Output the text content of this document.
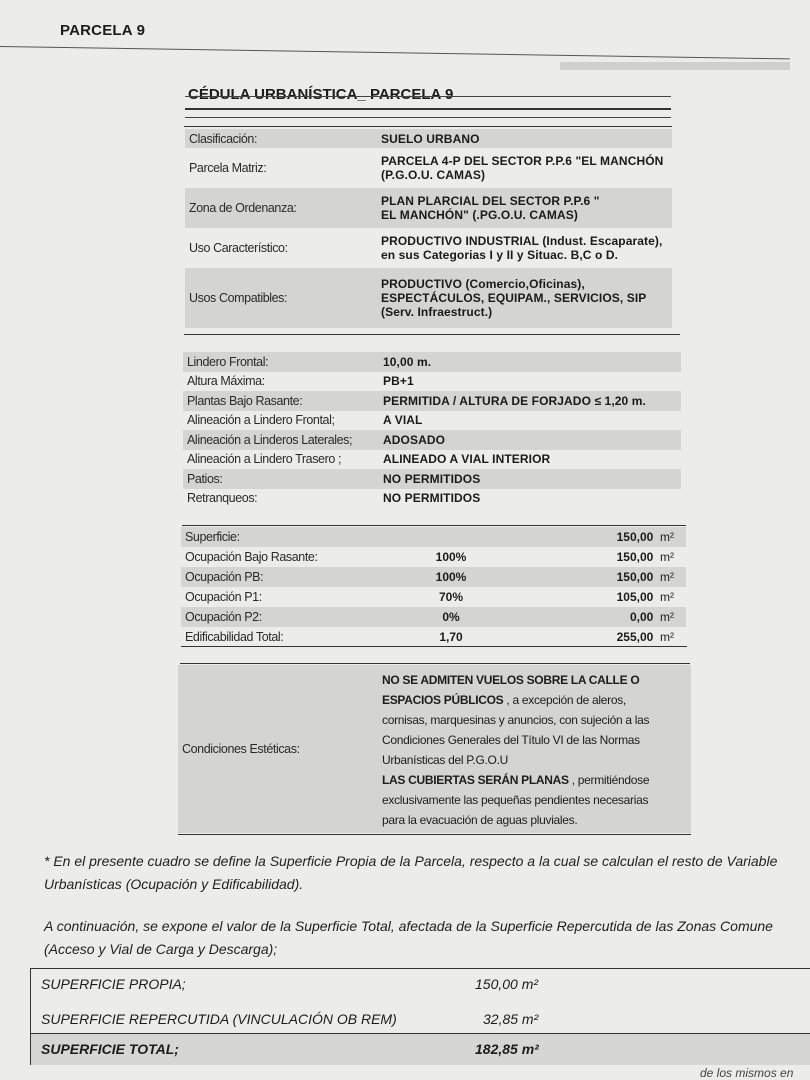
PARCELA 9
CÉDULA URBANÍSTICA_ PARCELA 9
Clasificación:	SUELO URBANO
Parcela Matriz:	PARCELA 4-P DEL SECTOR P.P.6 "EL MANCHÓN
(P.G.O.U. CAMAS)

Zona de Ordenanza:	PLAN PLARCIAL DEL SECTOR P.P.6 "
EL MANCHÓN" (.PG.O.U. CAMAS)

Uso Característico:	PRODUCTIVO INDUSTRIAL (Indust. Escaparate),
en sus Categorias I y II y Situac. B,C o D.

Usos Compatibles:	PRODUCTIVO (Comercio,Oficinas),
ESPECTÁCULOS, EQUIPAM., SERVICIOS, SIP
(Serv. Infraestruct.)
Lindero Frontal:	10,00 m.
Altura Máxima:	PB+1
Plantas Bajo Rasante:	PERMITIDA / ALTURA DE FORJADO ≤ 1,20 m.
Alineación a Lindero Frontal;	A VIAL
Alineación a Linderos Laterales;	ADOSADO
Alineación a Lindero Trasero ;	ALINEADO A VIAL INTERIOR
Patios:	NO PERMITIDOS
Retranqueos:	NO PERMITIDOS
Superficie:		150,00 m²
Ocupación Bajo Rasante:	100%	150,00 m²
Ocupación PB:	100%	150,00 m²
Ocupación P1:	70%	105,00 m²
Ocupación P2:	0%	0,00 m²
Edificabilidad Total:	1,70	255,00 m²
Condiciones Estéticas:	
NO SE ADMITEN VUELOS SOBRE LA CALLE O
ESPACIOS PÚBLICOS , a excepción de aleros,
cornisas, marquesinas y anuncios, con sujeción a las
Condiciones Generales del Título VI de las Normas
Urbanísticas del P.G.O.U
LAS CUBIERTAS SERÁN PLANAS , permitiéndose
exclusivamente las pequeñas pendientes necesarias
para la evacuación de aguas pluviales.
* En el presente cuadro se define la Superficie Propia de la Parcela, respecto a la cual se calculan el resto de Variable
Urbanísticas (Ocupación y Edificabilidad).
A continuación, se expone el valor de la Superficie Total, afectada de la Superficie Repercutida de las Zonas Comune
(Acceso y Vial de Carga y Descarga);
SUPERFICIE PROPIA;	150,00 m²
SUPERFICIE REPERCUTIDA (VINCULACIÓN OB REM)	32,85 m²
SUPERFICIE TOTAL;	182,85 m²
de los mismos en
